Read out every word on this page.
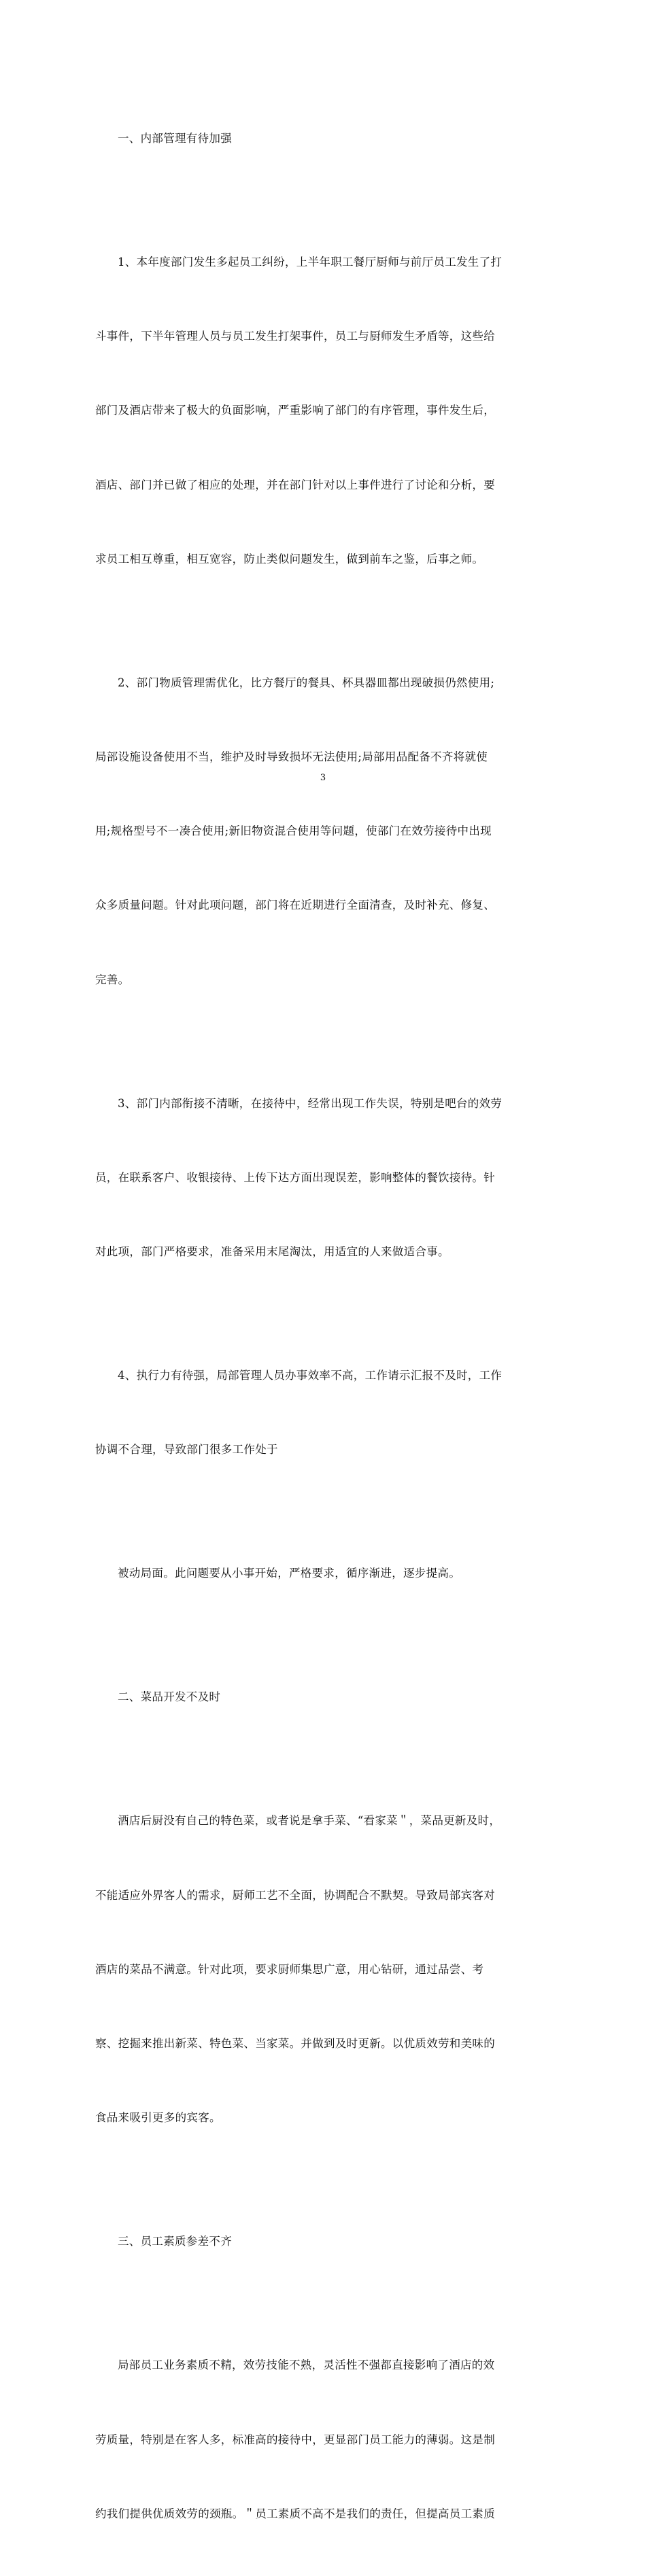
一、内部管理有待加强

1、本年度部门发生多起员工纠纷，上半年职工餐厅厨师与前厅员工发生了打

斗事件，下半年管理人员与员工发生打架事件，员工与厨师发生矛盾等，这些给

部门及酒店带来了极大的负面影响，严重影响了部门的有序管理，事件发生后，

酒店、部门并已做了相应的处理，并在部门针对以上事件进行了讨论和分析，要

求员工相互尊重，相互宽容，防止类似问题发生，做到前车之鉴，后事之师。

2、部门物质管理需优化，比方餐厅的餐具、杯具器皿都出现破损仍然使用;

局部设施设备使用不当，维护及时导致损坏无法使用;局部用品配备不齐将就使

用;规格型号不一凑合使用;新旧物资混合使用等问题，使部门在效劳接待中出现

众多质量问题。针对此项问题，部门将在近期进行全面清查，及时补充、修复、

完善。

3、部门内部衔接不清晰，在接待中，经常出现工作失误，特别是吧台的效劳

员，在联系客户、收银接待、上传下达方面出现误差，影响整体的餐饮接待。针

对此项，部门严格要求，准备采用末尾淘汰，用适宜的人来做适合事。

4、执行力有待强，局部管理人员办事效率不高，工作请示汇报不及时，工作

协调不合理，导致部门很多工作处于

被动局面。此问题要从小事开始，严格要求，循序渐进，逐步提高。

二、菜品开发不及时

酒店后厨没有自己的特色菜，或者说是拿手菜、“看家菜＂，菜品更新及时，

不能适应外界客人的需求，厨师工艺不全面，协调配合不默契。导致局部宾客对

酒店的菜品不满意。针对此项，要求厨师集思广意，用心钻研，通过品尝、考

察、挖掘来推出新菜、特色菜、当家菜。并做到及时更新。以优质效劳和美味的

食品来吸引更多的宾客。

三、员工素质参差不齐

局部员工业务素质不精，效劳技能不熟，灵活性不强都直接影响了酒店的效

劳质量，特别是在客人多，标准高的接待中，更显部门员工能力的薄弱。这是制

约我们提供优质效劳的颈瓶。＂员工素质不高不是我们的责任，但提高员工素质

3
